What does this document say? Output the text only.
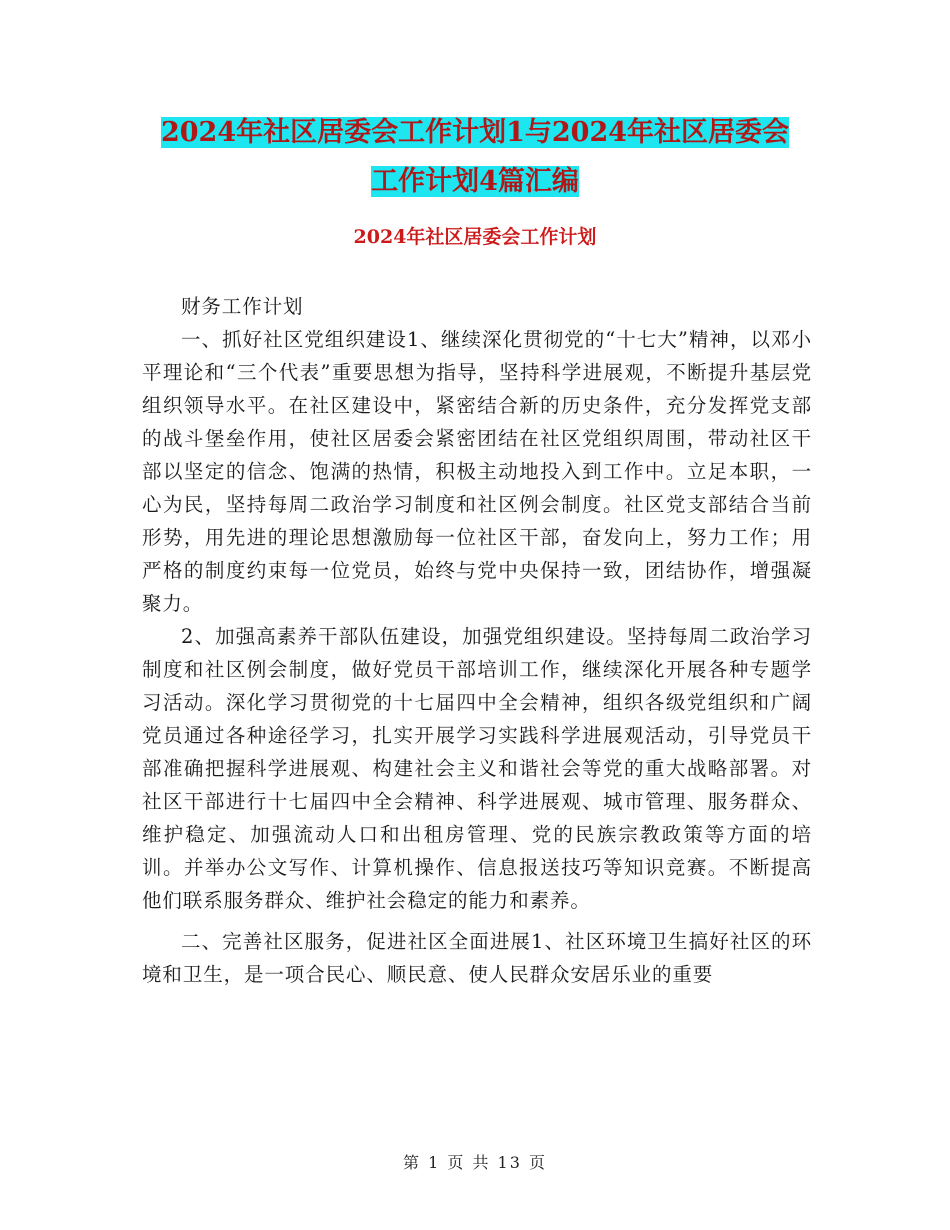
2024年社区居委会工作计划1与2024年社区居委会工作计划4篇汇编
2024年社区居委会工作计划

财务工作计划

一、抓好社区党组织建设1、继续深化贯彻党的“十七大”精神，以邓小平理论和“三个代表”重要思想为指导，坚持科学进展观，不断提升基层党组织领导水平。在社区建设中，紧密结合新的历史条件，充分发挥党支部的战斗堡垒作用，使社区居委会紧密团结在社区党组织周围，带动社区干部以坚定的信念、饱满的热情，积极主动地投入到工作中。立足本职，一心为民，坚持每周二政治学习制度和社区例会制度。社区党支部结合当前形势，用先进的理论思想激励每一位社区干部，奋发向上，努力工作；用严格的制度约束每一位党员，始终与党中央保持一致，团结协作，增强凝聚力。

2、加强高素养干部队伍建设，加强党组织建设。坚持每周二政治学习制度和社区例会制度，做好党员干部培训工作，继续深化开展各种专题学习活动。深化学习贯彻党的十七届四中全会精神，组织各级党组织和广阔党员通过各种途径学习，扎实开展学习实践科学进展观活动，引导党员干部准确把握科学进展观、构建社会主义和谐社会等党的重大战略部署。对社区干部进行十七届四中全会精神、科学进展观、城市管理、服务群众、维护稳定、加强流动人口和出租房管理、党的民族宗教政策等方面的培训。并举办公文写作、计算机操作、信息报送技巧等知识竞赛。不断提高他们联系服务群众、维护社会稳定的能力和素养。

二、完善社区服务，促进社区全面进展1、社区环境卫生搞好社区的环境和卫生，是一项合民心、顺民意、使人民群众安居乐业的重要

第 1 页 共 13 页
